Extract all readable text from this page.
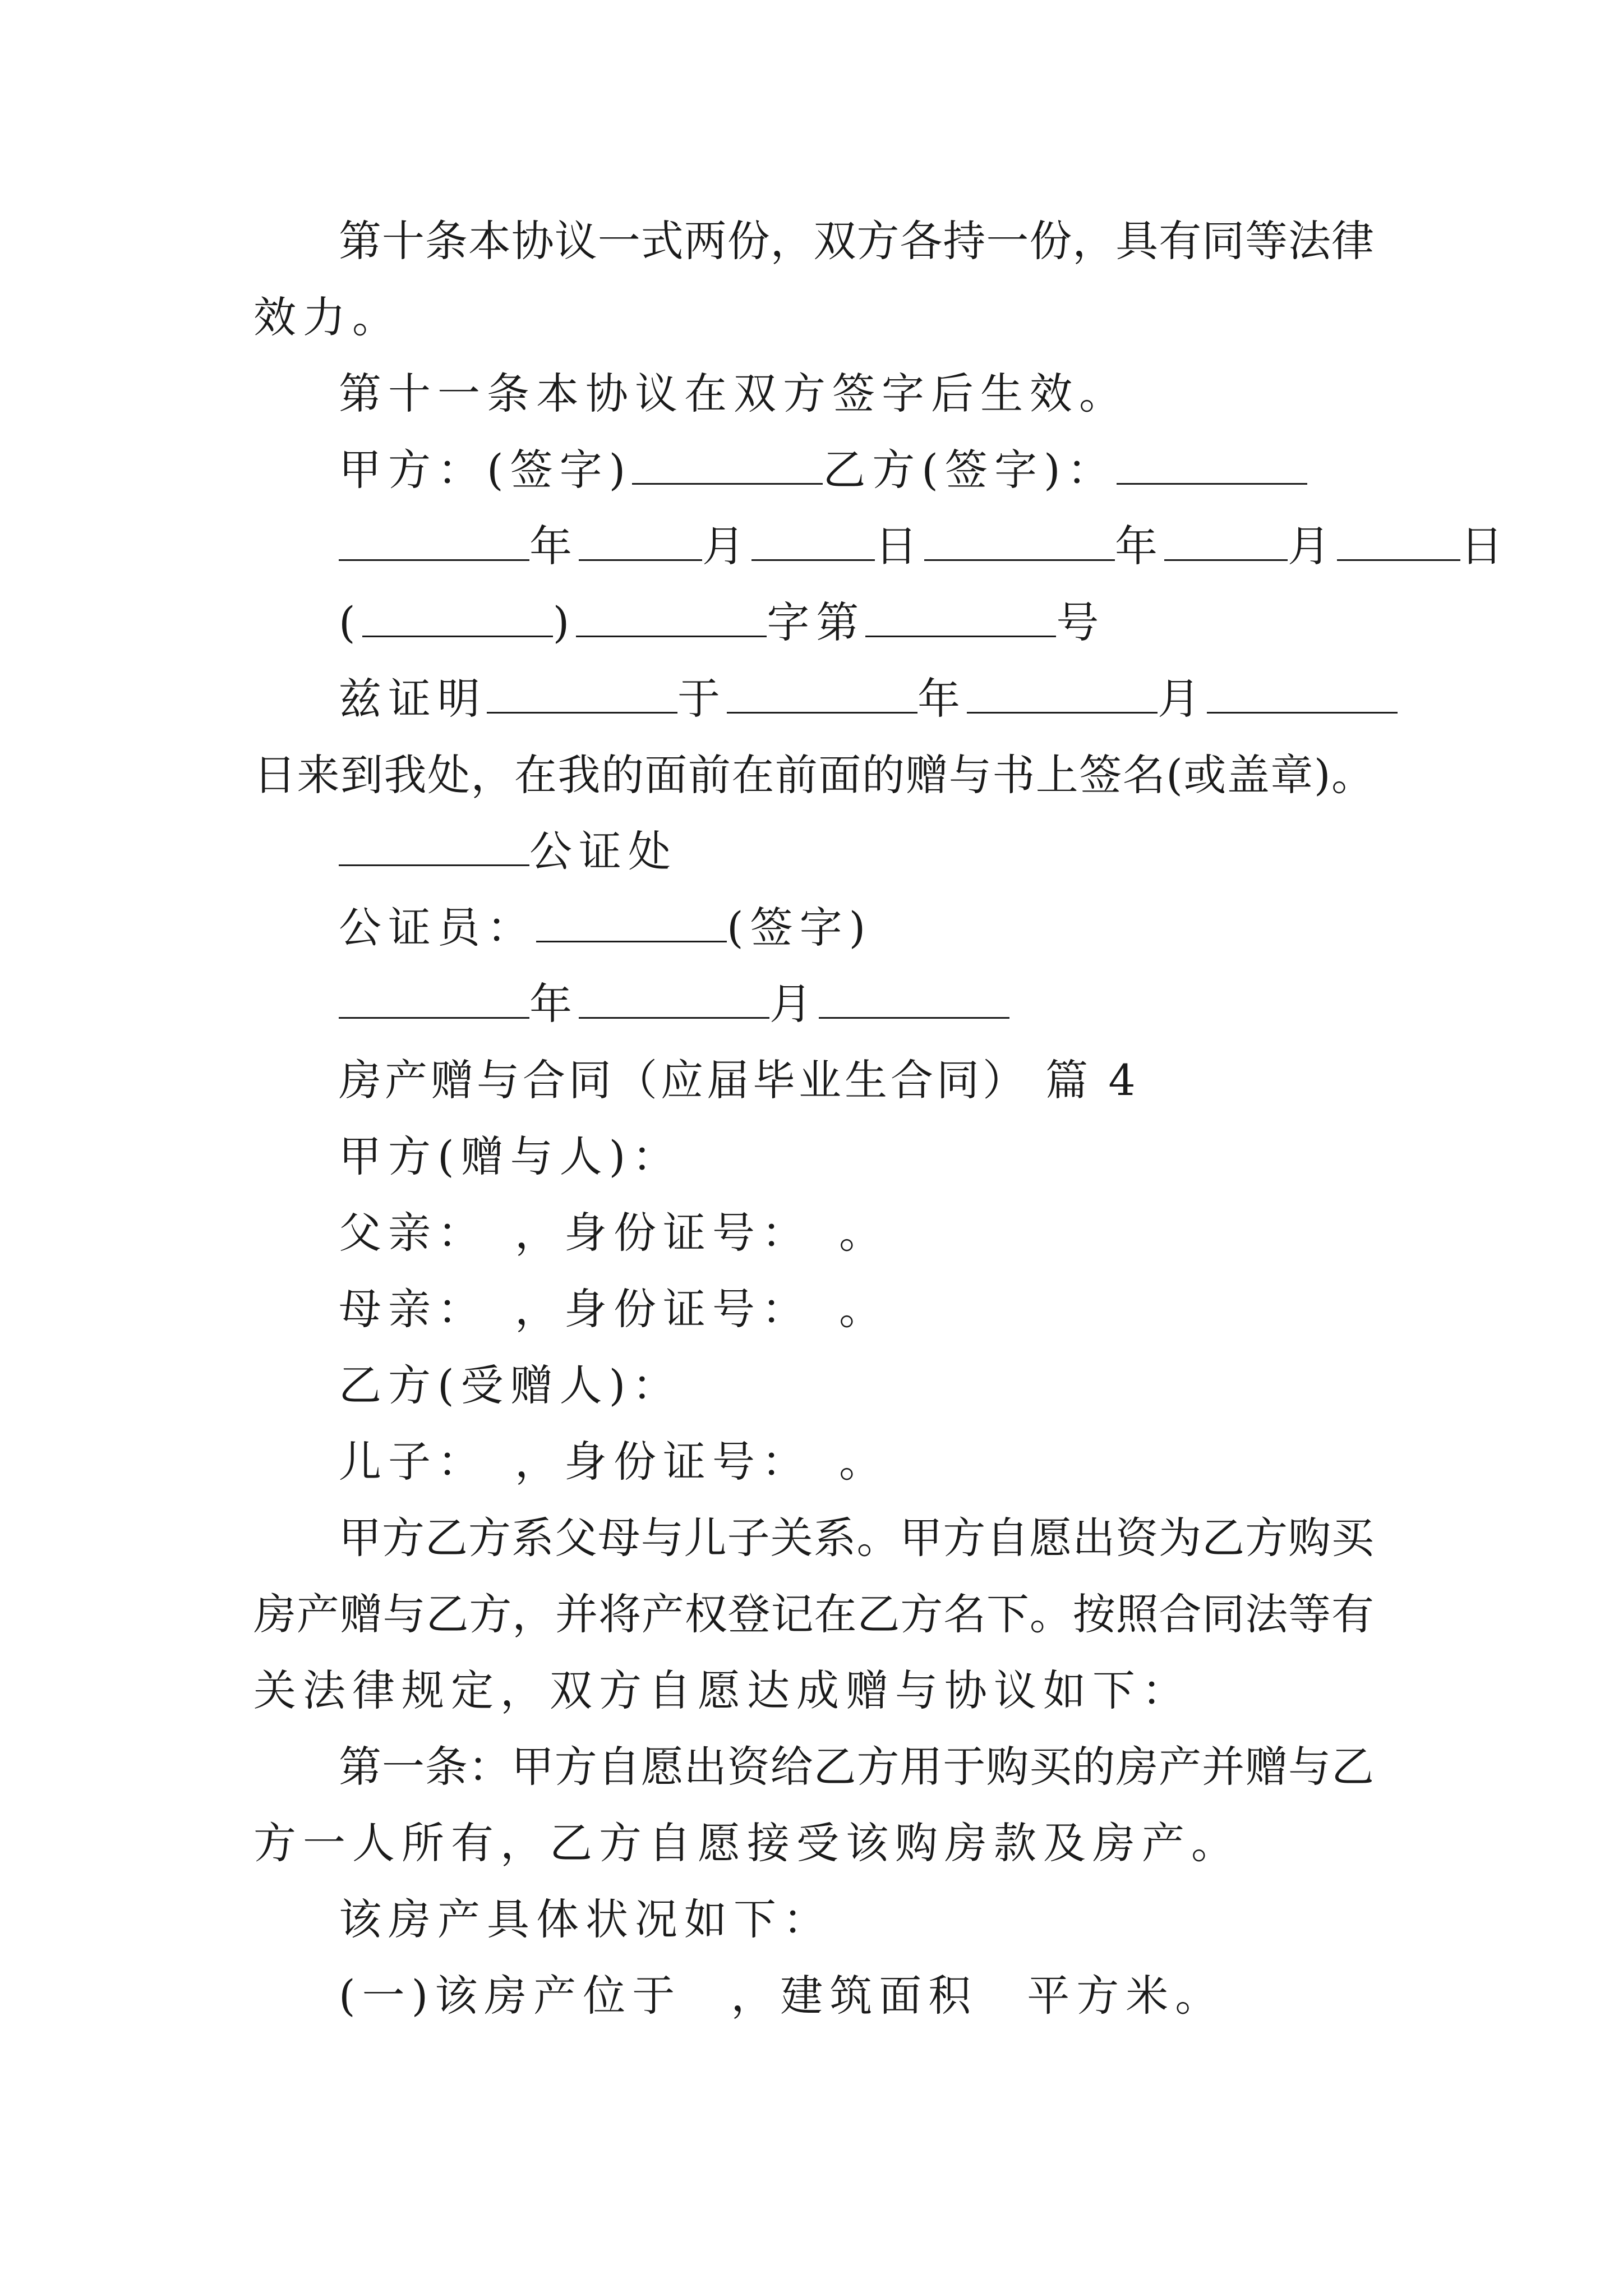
第十条本协议一式两份，双方各持一份，具有同等法律
效力。
第十一条本协议在双方签字后生效。
甲方：(签字)	乙方(签字)：
年	月	日	年	月	日
(	)	字第	号
兹证明	于	年	月
日来到我处，在我的面前在前面的赠与书上签名(或盖章)。
公证处
公证员：	(签字)
年	月
房产赠与合同（应届毕业生合同） 篇 4
甲方(赠与人)：
父亲：　，身份证号：　。
母亲：　，身份证号：　。
乙方(受赠人)：
儿子：　，身份证号：　。
甲方乙方系父母与儿子关系。甲方自愿出资为乙方购买
房产赠与乙方，并将产权登记在乙方名下。按照合同法等有
关法律规定，双方自愿达成赠与协议如下：
第一条：甲方自愿出资给乙方用于购买的房产并赠与乙
方一人所有，乙方自愿接受该购房款及房产。
该房产具体状况如下：
(一)该房产位于　，建筑面积　平方米。
